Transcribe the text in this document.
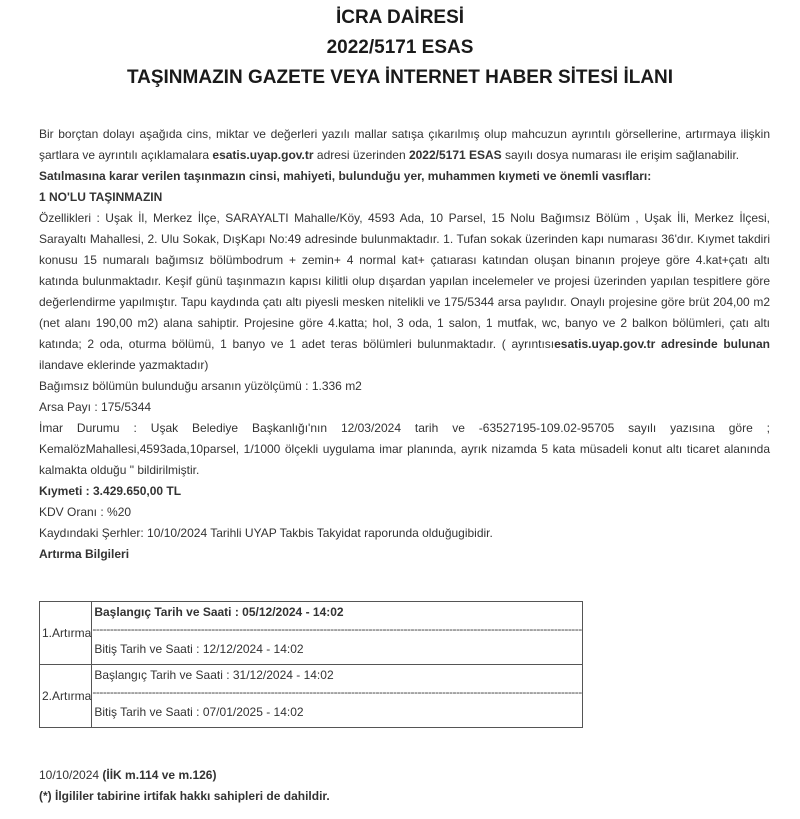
İCRA DAİRESİ
2022/5171 ESAS
TAŞINMAZIN GAZETE VEYA İNTERNET HABER SİTESİ İLANI

Bir borçtan dolayı aşağıda cins, miktar ve değerleri yazılı mallar satışa çıkarılmış olup mahcuzun ayrıntılı görsellerine, artırmaya ilişkin şartlara ve ayrıntılı açıklamalara esatis.uyap.gov.tr adresi üzerinden 2022/5171 ESAS sayılı dosya numarası ile erişim sağlanabilir.

Satılmasına karar verilen taşınmazın cinsi, mahiyeti, bulunduğu yer, muhammen kıymeti ve önemli vasıfları:
1 NO'LU TAŞINMAZIN

Özellikleri : Uşak İl, Merkez İlçe, SARAYALTI Mahalle/Köy, 4593 Ada, 10 Parsel, 15 Nolu Bağımsız Bölüm , Uşak İli, Merkez İlçesi, Sarayaltı Mahallesi, 2. Ulu Sokak, DışKapı No:49 adresinde bulunmaktadır. 1. Tufan sokak üzerinden kapı numarası 36'dır. Kıymet takdiri konusu 15 numaralı bağımsız bölümbodrum + zemin+ 4 normal kat+ çatıarası katından oluşan binanın projeye göre 4.kat+çatı altı katında bulunmaktadır. Keşif günü taşınmazın kapısı kilitli olup dışardan yapılan incelemeler ve projesi üzerinden yapılan tespitlere göre değerlendirme yapılmıştır. Tapu kaydında çatı altı piyesli mesken nitelikli ve 175/5344 arsa paylıdır. Onaylı projesine göre brüt 204,00 m2 (net alanı 190,00 m2) alana sahiptir. Projesine göre 4.katta; hol, 3 oda, 1 salon, 1 mutfak, wc, banyo ve 2 balkon bölümleri, çatı altı katında; 2 oda, oturma bölümü, 1 banyo ve 1 adet teras bölümleri bulunmaktadır. ( ayrıntısıesatis.uyap.gov.tr adresinde bulunan ilandave eklerinde yazmaktadır)

Bağımsız bölümün bulunduğu arsanın yüzölçümü : 1.336 m2
Arsa Payı : 175/5344

İmar Durumu : Uşak Belediye Başkanlığı'nın 12/03/2024 tarih ve -63527195-109.02-95705 sayılı yazısına göre ; KemalözMahallesi,4593ada,10parsel, 1/1000 ölçekli uygulama imar planında, ayrık nizamda 5 kata müsadeli konut altı ticaret alanında kalmakta olduğu " bildirilmiştir.

Kıymeti : 3.429.650,00 TL
KDV Oranı : %20
Kaydındaki Şerhler: 10/10/2024 Tarihli UYAP Takbis Takyidat raporunda olduğugibidir.
Artırma Bilgileri
1.Artırma	Başlangıç Tarih ve Saati : 05/12/2024 - 14:02
--------------------------------------------------------------------------------------------------------------------------------------------
Bitiş Tarih ve Saati : 12/12/2024 - 14:02

2.Artırma	Başlangıç Tarih ve Saati : 31/12/2024 - 14:02
--------------------------------------------------------------------------------------------------------------------------------------------
Bitiş Tarih ve Saati : 07/01/2025 - 14:02
10/10/2024 (İİK m.114 ve m.126)
(*) İlgililer tabirine irtifak hakkı sahipleri de dahildir.
